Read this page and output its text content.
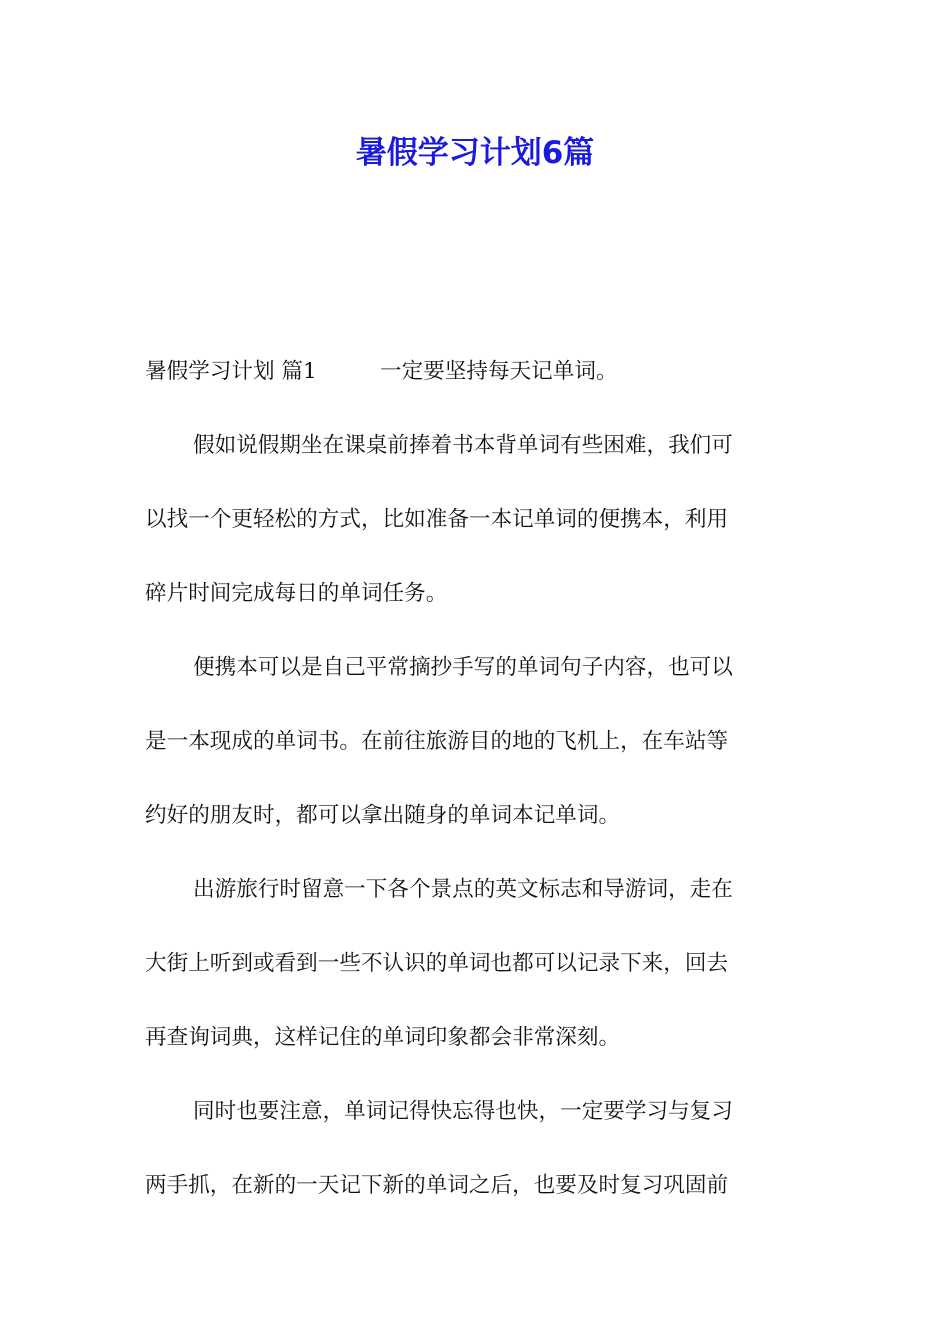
暑假学习计划6篇
暑假学习计划 篇1	一定要坚持每天记单词。
假如说假期坐在课桌前捧着书本背单词有些困难，我们可
以找一个更轻松的方式，比如准备一本记单词的便携本，利用
碎片时间完成每日的单词任务。
便携本可以是自己平常摘抄手写的单词句子内容，也可以
是一本现成的单词书。在前往旅游目的地的飞机上，在车站等
约好的朋友时，都可以拿出随身的单词本记单词。
出游旅行时留意一下各个景点的英文标志和导游词，走在
大街上听到或看到一些不认识的单词也都可以记录下来，回去
再查询词典，这样记住的单词印象都会非常深刻。
同时也要注意，单词记得快忘得也快，一定要学习与复习
两手抓，在新的一天记下新的单词之后，也要及时复习巩固前
